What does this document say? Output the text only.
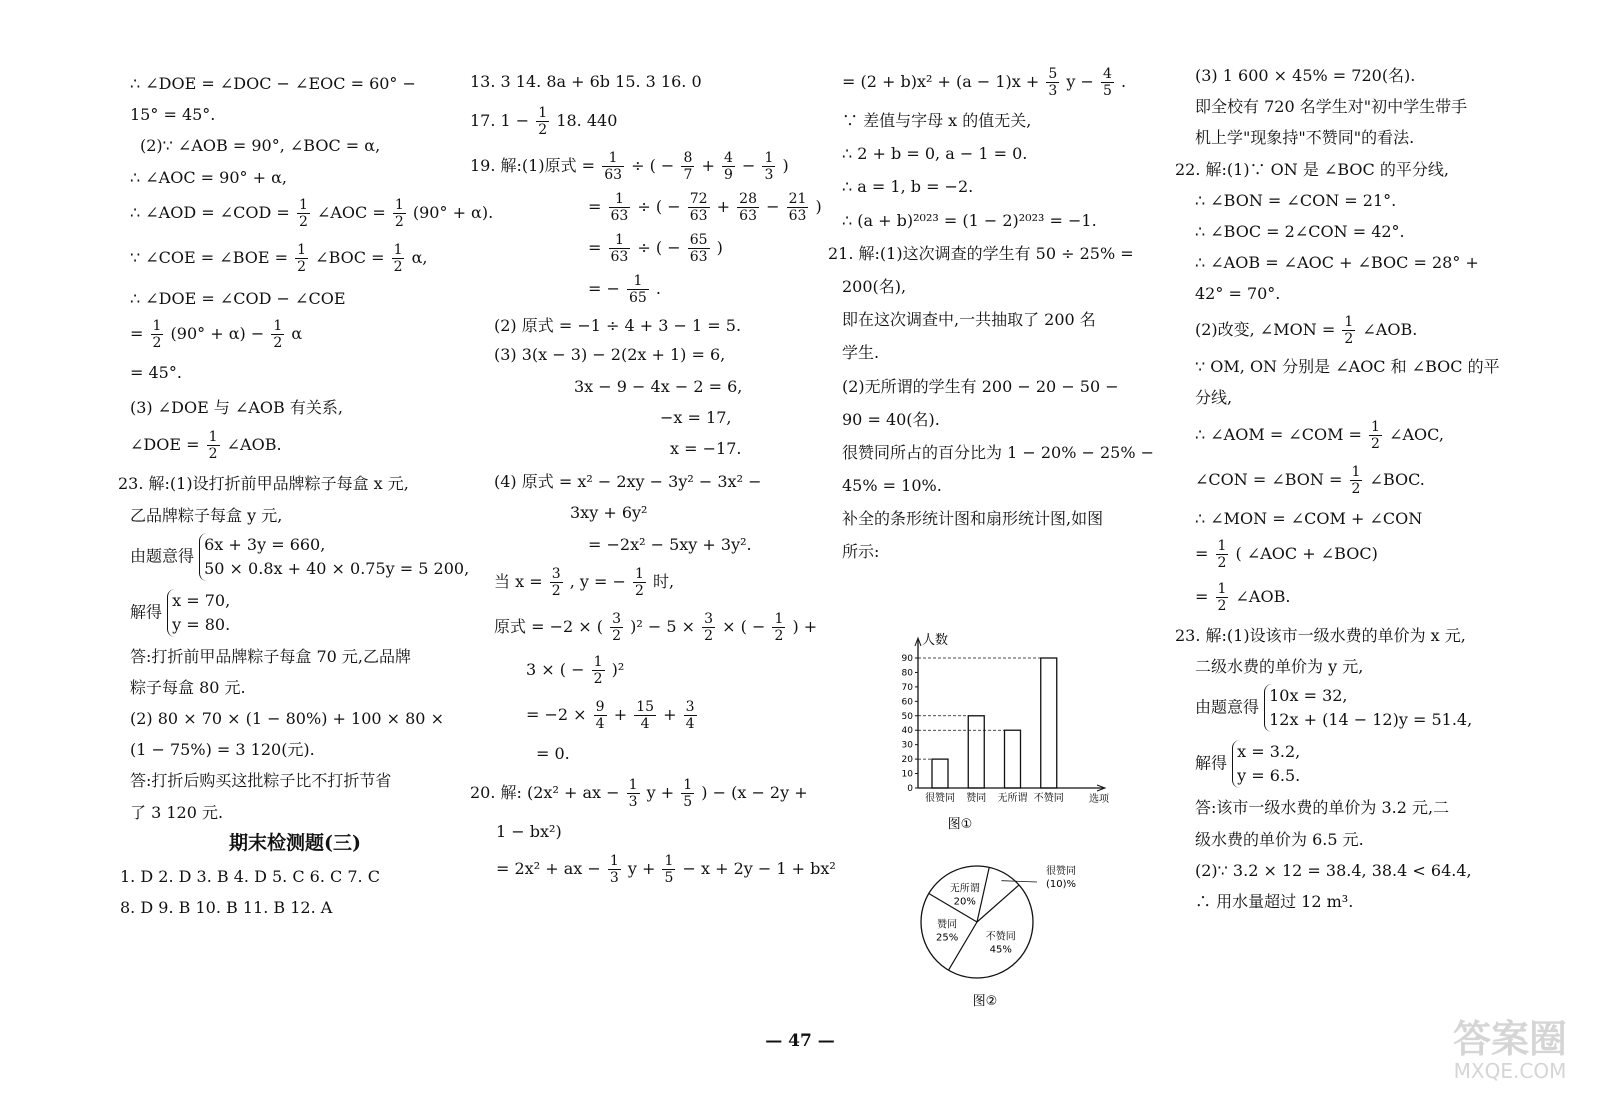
∴ ∠DOE = ∠DOC − ∠EOC = 60° −
15° = 45°.
(2)∵ ∠AOB = 90°, ∠BOC = α,
∴ ∠AOC = 90° + α,
∴ ∠AOD = ∠COD = $\frac{1}{2}$ ∠AOC = $\frac{1}{2} (90^\circ + \alpha)$.
∵ ∠COE = ∠BOE = $\frac{1}{2}$ ∠BOC = $\frac{1}{2} \alpha$,
∴ ∠DOE = ∠COD − ∠COE
= $\frac{1}{2} (90^\circ + \alpha) - \frac{1}{2}$ α
= 45°.
(3) ∠DOE 与 ∠AOB 有关系,
∠DOE = $\frac{1}{2}$ ∠AOB.
23. 解:(1)设打折前甲品牌粽子每盒 x 元,
乙品牌粽子每盒 y 元,
由题意得
6x + 3y = 660,
50 × 0.8x + 40 × 0.75y = 5 200,
解得
x = 70,
y = 80.
答:打折前甲品牌粽子每盒 70 元,乙品牌
粽子每盒 80 元.
(2) 80 × 70 × (1 − 80%) + 100 × 80 ×
(1 − 75%) = 3 120(元).
答:打折后购买这批粽子比不打折节省
了 3 120 元.
期末检测题(三)
1. D 2. D 3. B 4. D 5. C 6. C 7. C
8. D 9. B 10. B 11. B 12. A
13. 3 14. 8a + 6b 15. 3 16. 0
17. $1 - \frac{1}{2} 18$. 440
19. 解:(1)原式 = $\frac{1}{63}$ ÷ ( − $\frac{8}{7} + \frac{4}{9} - \frac{1}{3}$ )
= $\frac{1}{63}$ ÷ ( − $\frac{72}{63} + \frac{28}{63} - \frac{21}{63}$ )
= $\frac{1}{63}$ ÷ ( − $\frac{65}{63}$ )
= − $\frac{1}{65}$ .
(2) 原式 = −1 ÷ 4 + 3 − 1 = 5.
(3) 3(x − 3) − 2(2x + 1) = 6,
3x − 9 − 4x − 2 = 6,
−x = 17,
x = −17.
(4) 原式 = x² − 2xy − 3y² − 3x² −
3xy + 6y²
= −2x² − 5xy + 3y².
当 $x = \frac{3}{2}$ , y = − $\frac{1}{2}$ 时,
原式 = −2 × ( $\frac{3}{2} )^2 - 5 \times \frac{3}{2}$ × ( − $\frac{1}{2}$ ) +
3 × ( − $\frac{1}{2} )^2$
= $-2 \times \frac{9}{4} + \frac{15}{4} + \frac{3}{4}$
= 0.
20. 解: (2x² + ax − $\frac{1}{3}$ $y + \frac{1}{5}$ ) − (x − 2y +
1 − bx²)
= 2x² + ax − $\frac{1}{3}$ $y + \frac{1}{5} - x + 2y - 1 + bx^2$
= $(2 + b)x^2 + (a - 1)x + \frac{5}{3}$ $y - \frac{4}{5}$ .
∵ 差值与字母 x 的值无关,
∴ 2 + b = 0, a − 1 = 0.
∴ a = 1, b = −2.
∴ (a + b)²⁰²³ = (1 − 2)²⁰²³ = −1.
21. 解:(1)这次调查的学生有 50 ÷ 25% =
200(名),
即在这次调查中,一共抽取了 200 名
学生.
(2)无所谓的学生有 200 − 20 − 50 −
90 = 40(名).
很赞同所占的百分比为 1 − 20% − 25% −
45% = 10%.
补全的条形统计图和扇形统计图,如图
所示:
人数
选项
0
10
20
30
40
50
60
70
80
90
很赞同 赞同 无所谓 不赞同
图①
不赞同
45%
赞同
25%
无所谓
20%
很赞同
(10)%
图②
(3) 1 600 × 45% = 720(名).
即全校有 720 名学生对"初中学生带手
机上学"现象持"不赞同"的看法.
22. 解:(1)∵ ON 是 ∠BOC 的平分线,
∴ ∠BON = ∠CON = 21°.
∴ ∠BOC = 2∠CON = 42°.
∴ ∠AOB = ∠AOC + ∠BOC = 28° +
42° = 70°.
(2)改变, ∠MON = $\frac{1}{2}$ ∠AOB.
∵ OM, ON 分别是 ∠AOC 和 ∠BOC 的平
分线,
∴ ∠AOM = ∠COM = $\frac{1}{2}$ ∠AOC,
∠CON = ∠BON = $\frac{1}{2}$ ∠BOC.
∴ ∠MON = ∠COM + ∠CON
= $\frac{1}{2}$ ( ∠AOC + ∠BOC)
= $\frac{1}{2}$ ∠AOB.
23. 解:(1)设该市一级水费的单价为 x 元,
二级水费的单价为 y 元,
由题意得
10x = 32,
12x + (14 − 12)y = 51.4,
解得
x = 3.2,
y = 6.5.
答:该市一级水费的单价为 3.2 元,二
级水费的单价为 6.5 元.
(2)∵ 3.2 × 12 = 38.4, 38.4 < 64.4,
∴ 用水量超过 12 m³.
— 47 —	答案圈
MXQE.COM
